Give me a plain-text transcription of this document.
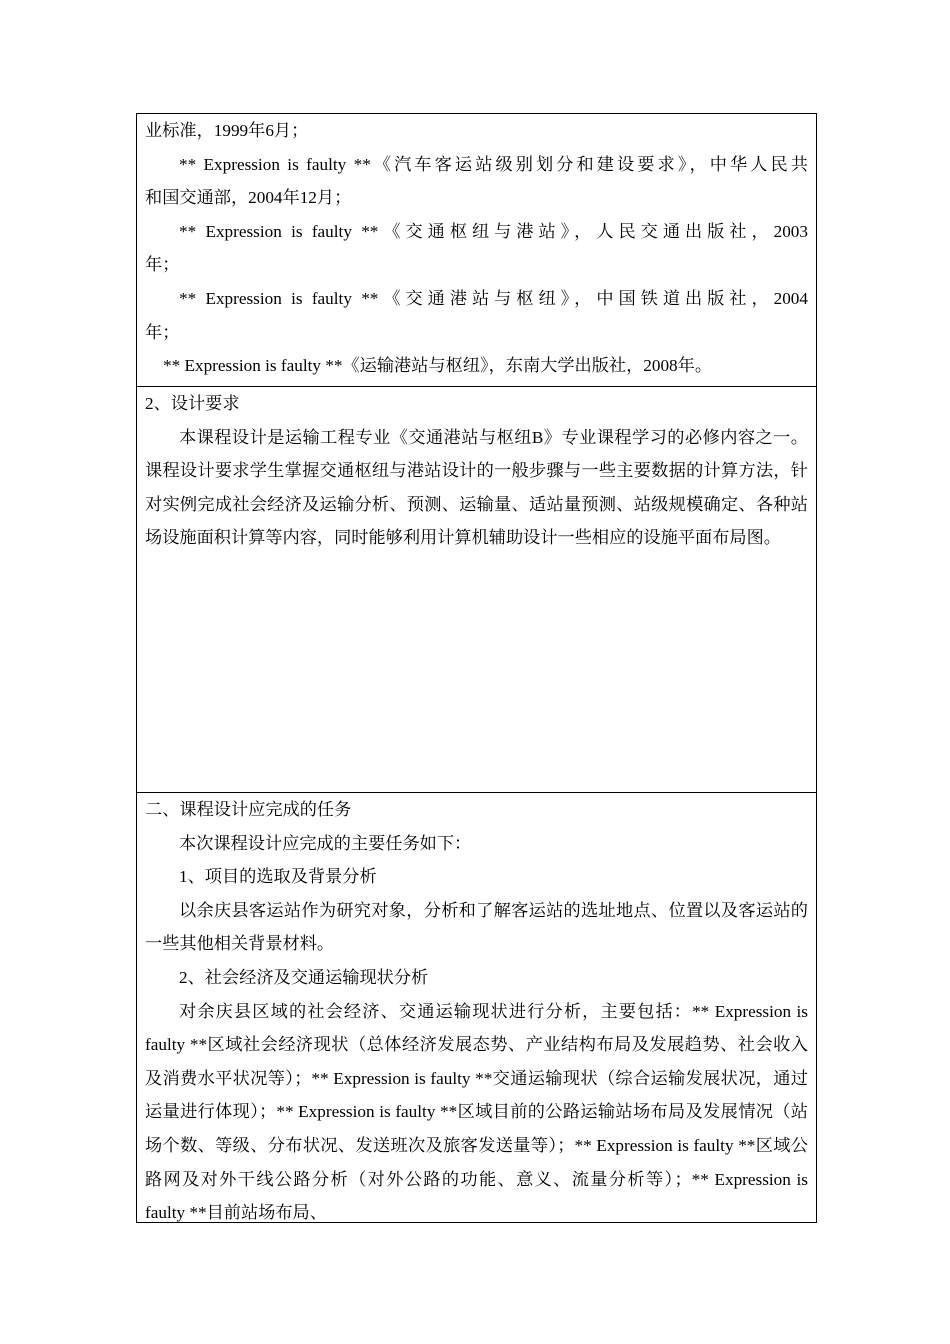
业标准，1999年6月；

** Expression is faulty **《汽车客运站级别划分和建设要求》，中华人民共

和国交通部，2004年12月；

** Expression is faulty **《交通枢纽与港站》，人民交通出版社，2003

年；

** Expression is faulty **《交通港站与枢纽》，中国铁道出版社，2004

年；

** Expression is faulty **《运输港站与枢纽》，东南大学出版社，2008年。

2、设计要求

本课程设计是运输工程专业《交通港站与枢纽B》专业课程学习的必修内容之一。课程设计要求学生掌握交通枢纽与港站设计的一般步骤与一些主要数据的计算方法，针对实例完成社会经济及运输分析、预测、运输量、适站量预测、站级规模确定、各种站场设施面积计算等内容，同时能够利用计算机辅助设计一些相应的设施平面布局图。

二、课程设计应完成的任务

本次课程设计应完成的主要任务如下：

1、项目的选取及背景分析

以余庆县客运站作为研究对象，分析和了解客运站的选址地点、位置以及客运站的一些其他相关背景材料。

2、社会经济及交通运输现状分析

对余庆县区域的社会经济、交通运输现状进行分析，主要包括：** Expression is faulty **区域社会经济现状（总体经济发展态势、产业结构布局及发展趋势、社会收入及消费水平状况等）；** Expression is faulty **交通运输现状（综合运输发展状况，通过运量进行体现）；** Expression is faulty **区域目前的公路运输站场布局及发展情况（站场个数、等级、分布状况、发送班次及旅客发送量等）；** Expression is faulty **区域公路网及对外干线公路分析（对外公路的功能、意义、流量分析等）；** Expression is faulty **目前站场布局、
